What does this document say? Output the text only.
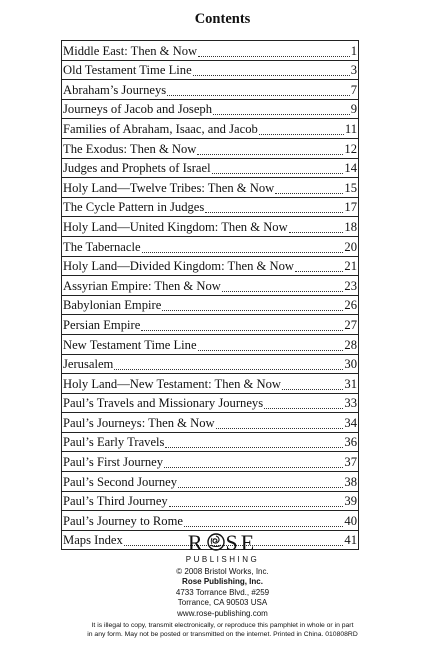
Contents
Middle East: Then & Now	1
Old Testament Time Line	3
Abraham’s Journeys	7
Journeys of Jacob and Joseph	9
Families of Abraham, Isaac, and Jacob	11
The Exodus: Then & Now	12
Judges and Prophets of Israel	14
Holy Land—Twelve Tribes: Then & Now	15
The Cycle Pattern in Judges	17
Holy Land—United Kingdom: Then & Now	18
The Tabernacle	20
Holy Land—Divided Kingdom: Then & Now	21
Assyrian Empire: Then & Now	23
Babylonian Empire	26
Persian Empire	27
New Testament Time Line	28
Jerusalem	30
Holy Land—New Testament: Then & Now	31
Paul’s Travels and Missionary Journeys	33
Paul’s Journeys: Then & Now	34
Paul’s Early Travels	36
Paul’s First Journey	37
Paul’s Second Journey	38
Paul’s Third Journey	39
Paul’s Journey to Rome	40
Maps Index	41
R SE
PUBLISHING
© 2008 Bristol Works, Inc.
Rose Publishing, Inc.
4733 Torrance Blvd., #259
Torrance, CA 90503 USA
www.rose-publishing.com
It is illegal to copy, transmit electronically, or reproduce this pamphlet in whole or in part
in any form. May not be posted or transmitted on the internet. Printed in China. 010808RD
